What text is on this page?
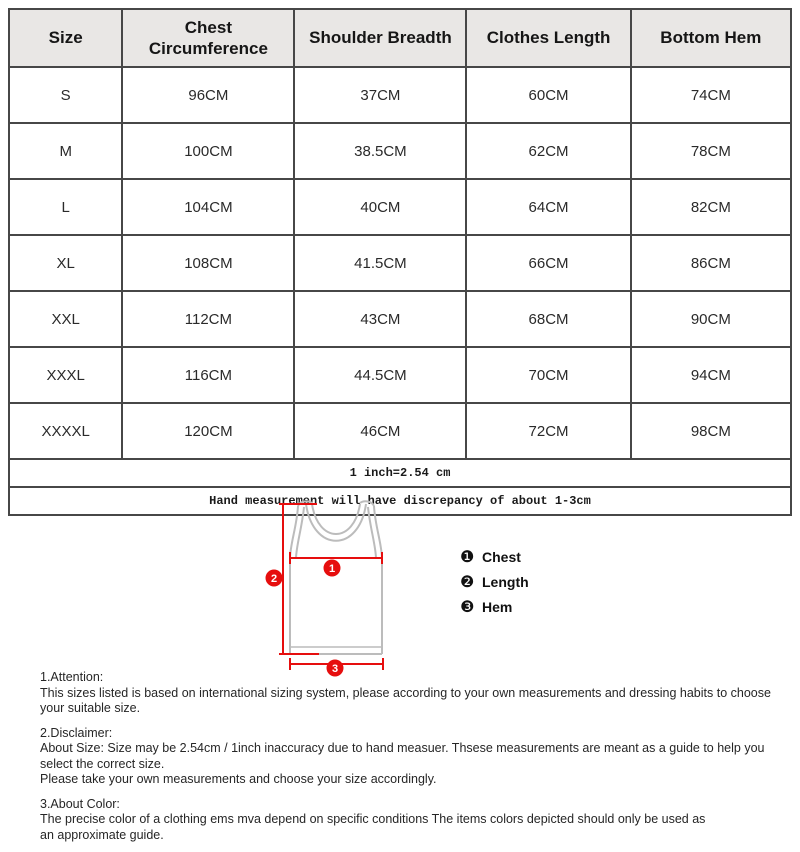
Size	Chest Circumference	Shoulder Breadth	Clothes Length	Bottom Hem
S	96CM	37CM	60CM	74CM
M	100CM	38.5CM	62CM	78CM
L	104CM	40CM	64CM	82CM
XL	108CM	41.5CM	66CM	86CM
XXL	112CM	43CM	68CM	90CM
XXXL	116CM	44.5CM	70CM	94CM
XXXXL	120CM	46CM	72CM	98CM
1 inch=2.54 cm				
Hand measurement will have discrepancy of about 1-3cm				
1
2
3
❶ Chest
❷ Length
❸ Hem
1.Attention:
This sizes listed is based on international sizing system, please according to your own measurements and dressing habits to choose your suitable size.
2.Disclaimer:
About Size: Size may be 2.54cm / 1inch inaccuracy due to hand measuer. Thsese measurements are meant as a guide to help you select the correct size.
Please take your own measurements and choose your size accordingly.
3.About Color:
The precise color of a clothing ems mva depend on specific conditions The items colors depicted should only be used as
an approximate guide.
